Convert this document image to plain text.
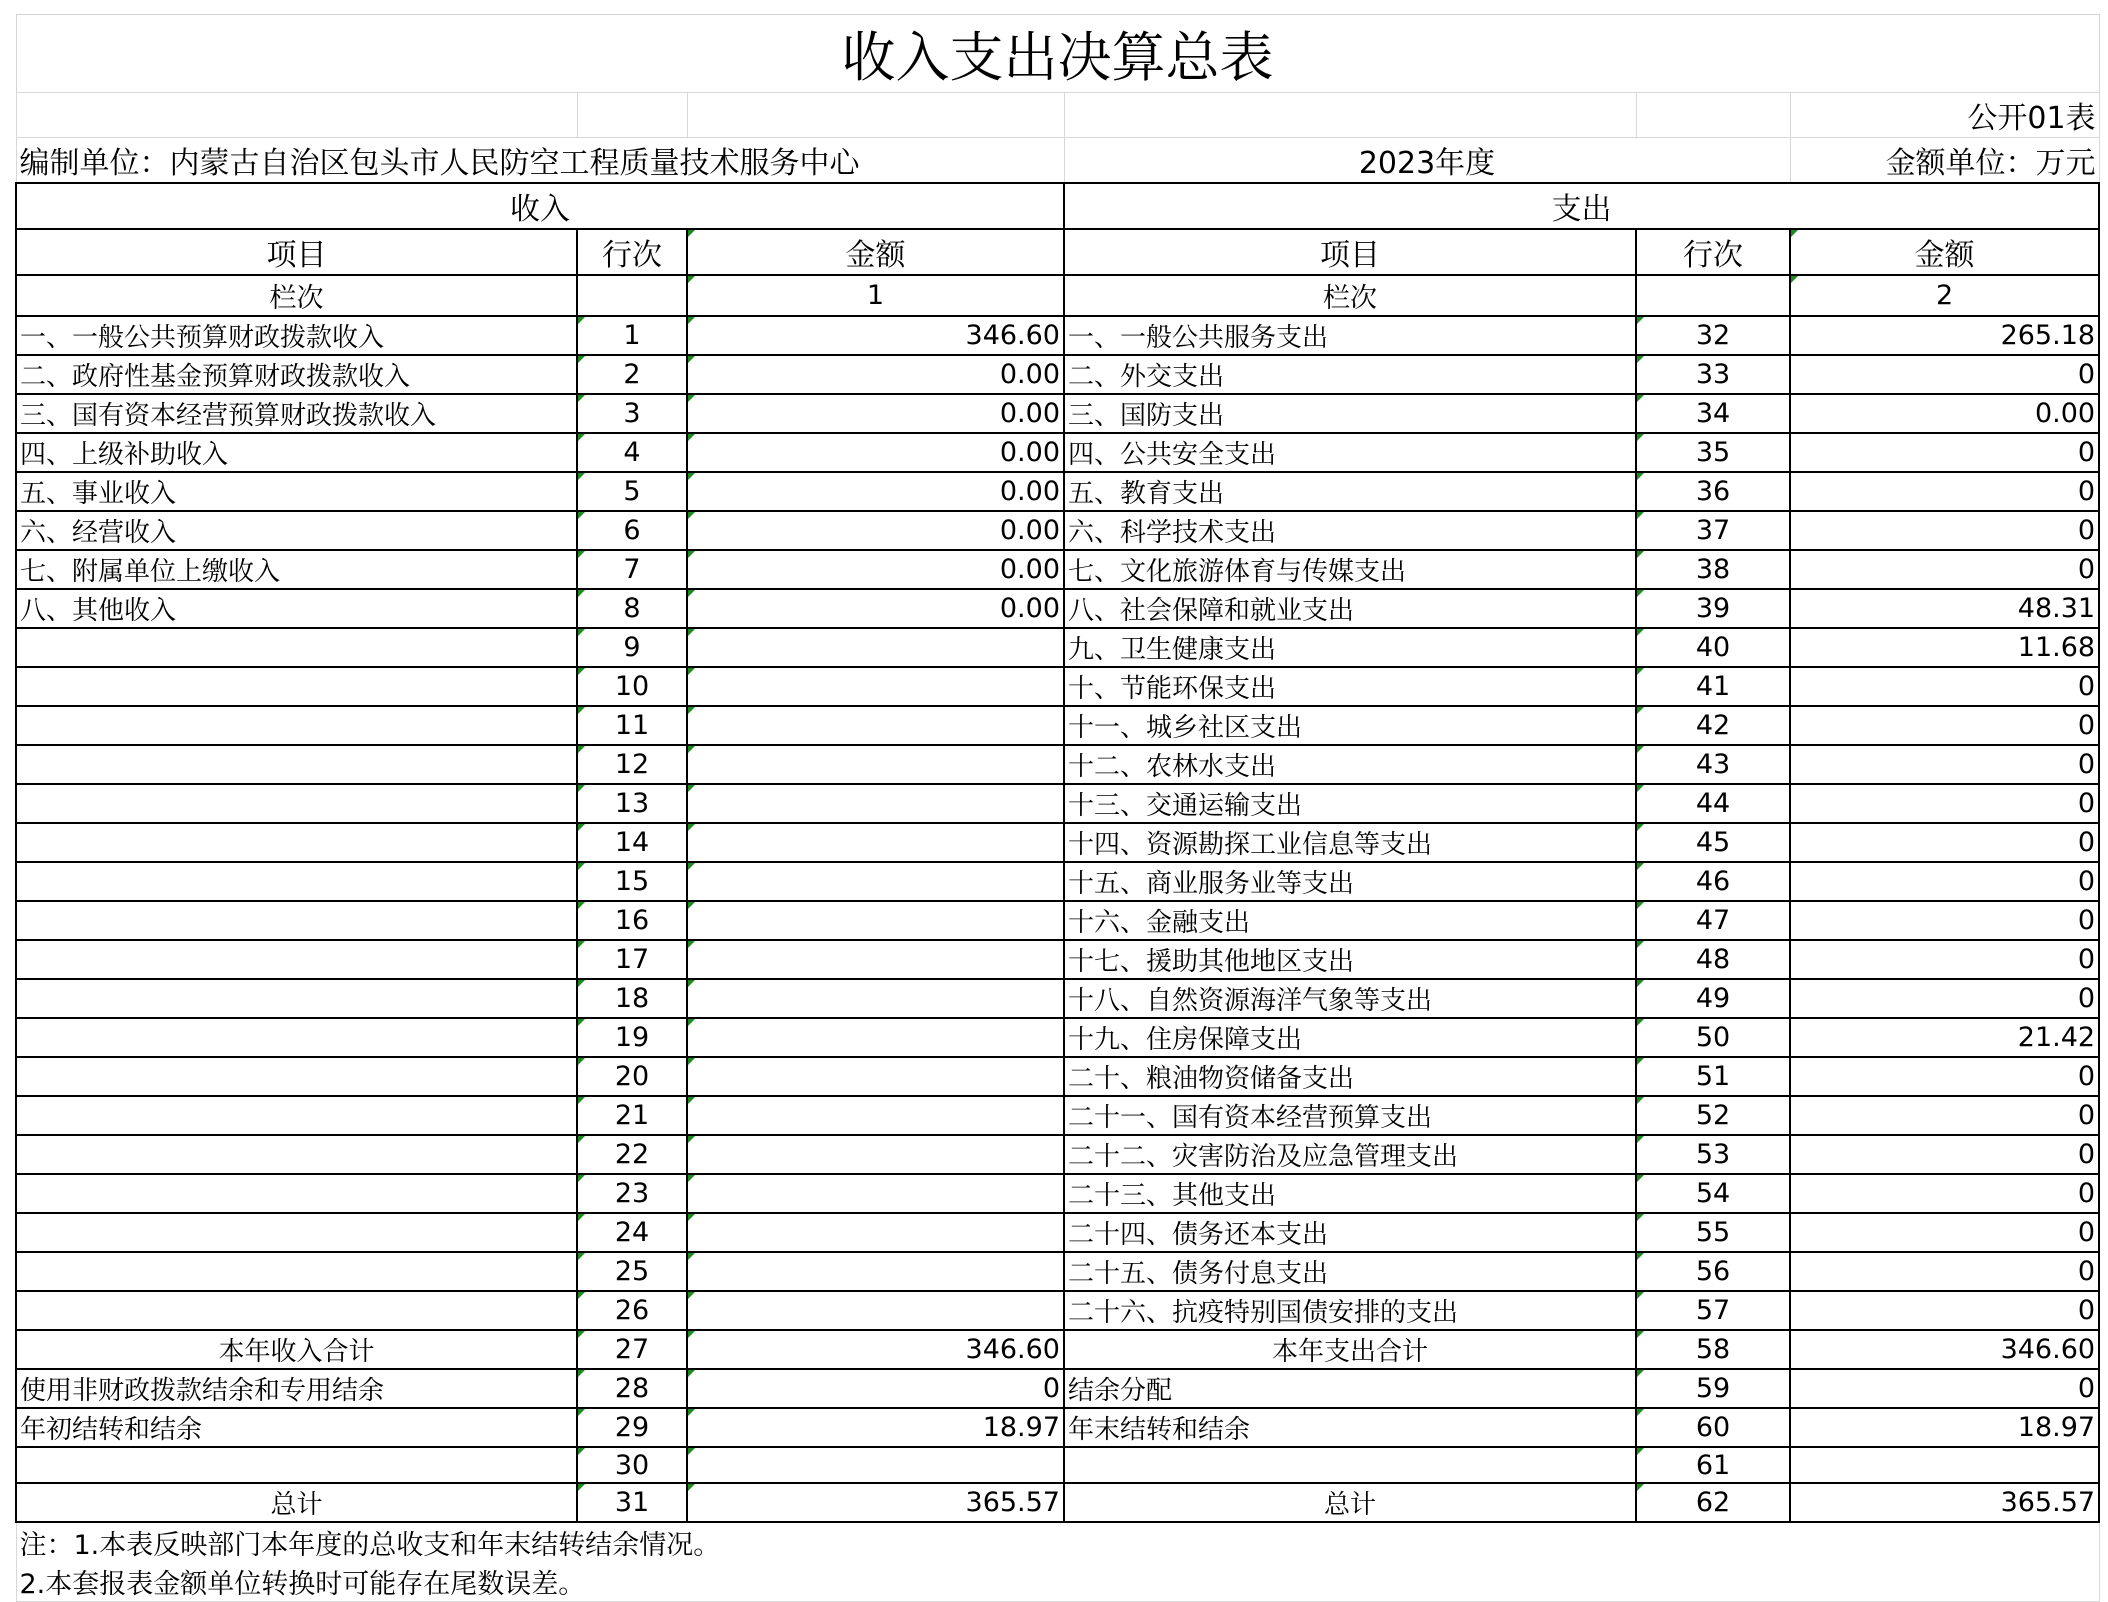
收入支出决算总表					
					公开01表
编制单位：内蒙古自治区包头市人民防空工程质量技术服务中心			2023年度		金额单位：万元
收入			支出		
项目	行次	金额	项目	行次	金额
栏次		1	栏次		2
一、一般公共预算财政拨款收入	1	346.60	一、一般公共服务支出	32	265.18
二、政府性基金预算财政拨款收入	2	0.00	二、外交支出	33	0
三、国有资本经营预算财政拨款收入	3	0.00	三、国防支出	34	0.00
四、上级补助收入	4	0.00	四、公共安全支出	35	0
五、事业收入	5	0.00	五、教育支出	36	0
六、经营收入	6	0.00	六、科学技术支出	37	0
七、附属单位上缴收入	7	0.00	七、文化旅游体育与传媒支出	38	0
八、其他收入	8	0.00	八、社会保障和就业支出	39	48.31
	9		九、卫生健康支出	40	11.68
	10		十、节能环保支出	41	0
	11		十一、城乡社区支出	42	0
	12		十二、农林水支出	43	0
	13		十三、交通运输支出	44	0
	14		十四、资源勘探工业信息等支出	45	0
	15		十五、商业服务业等支出	46	0
	16		十六、金融支出	47	0
	17		十七、援助其他地区支出	48	0
	18		十八、自然资源海洋气象等支出	49	0
	19		十九、住房保障支出	50	21.42
	20		二十、粮油物资储备支出	51	0
	21		二十一、国有资本经营预算支出	52	0
	22		二十二、灾害防治及应急管理支出	53	0
	23		二十三、其他支出	54	0
	24		二十四、债务还本支出	55	0
	25		二十五、债务付息支出	56	0
	26		二十六、抗疫特别国债安排的支出	57	0
本年收入合计	27	346.60	本年支出合计	58	346.60
使用非财政拨款结余和专用结余	28	0	结余分配	59	0
年初结转和结余	29	18.97	年末结转和结余	60	18.97
	30			61	
总计	31	365.57	总计	62	365.57
注：1.本表反映部门本年度的总收支和年末结转结余情况。					
2.本套报表金额单位转换时可能存在尾数误差。					
